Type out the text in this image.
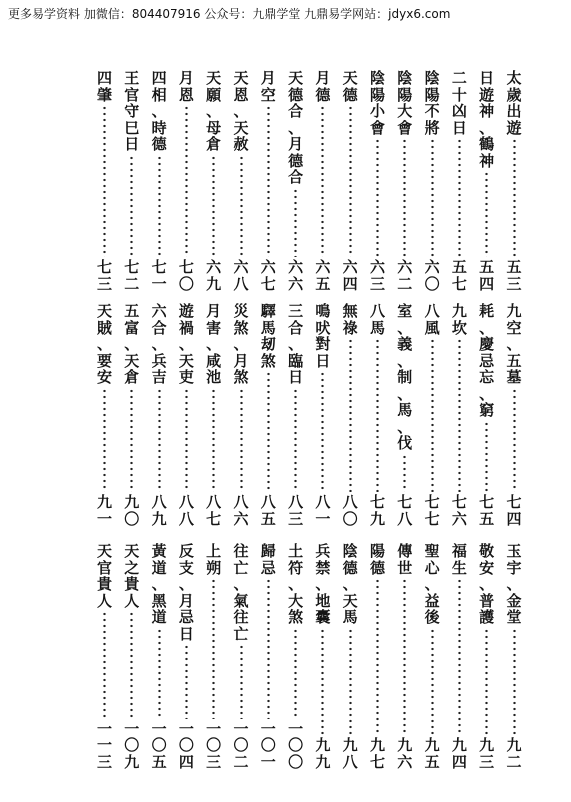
更多易学资料 加微信：804407916 公众号：九鼎学堂 九鼎易学网站：jdyx6.com
太
歲
出
遊
五
三
日
遊
神
、
鶴
神
五
四
二
十
凶
日
五
七
陰
陽
不
將
六
〇
陰
陽
大
會
六
二
陰
陽
小
會
六
三
天
德
六
四
月
德
六
五
天
德
合
、
月
德
合
六
六
月
空
六
七
天
恩
、
天
赦
六
八
天
願
、
母
倉
六
九
月
恩
七
〇
四
相
、
時
德
七
一
王
官
守
巳
日
七
二
四
肇
七
三
九
空
、
五
墓
七
四
耗
、
慶
忌
忘
、
窮
七
五
九
坎
七
六
八
風
七
七
室
、
義
、
制
、
馬
、
伐
七
八
八
馬
七
九
無
祿
八
〇
鳴
吠
對
日
八
一
三
合
、
臨
日
八
三
驛
馬
刼
煞
八
五
災
煞
、
月
煞
八
六
月
害
、
咸
池
八
七
遊
禍
、
天
吏
八
八
六
合
、
兵
吉
八
九
五
富
、
天
倉
九
〇
天
賊
、
要
安
九
一
玉
宇
、
金
堂
九
二
敬
安
、
普
護
九
三
福
生
九
四
聖
心
、
益
後
九
五
傳
世
九
六
陽
德
九
七
陰
德
、
天
馬
九
八
兵
禁
、
地
囊
九
九
土
符
、
大
煞
一
〇
〇
歸
忌
一
〇
一
往
亡
、
氣
往
亡
一
〇
二
上
朔
一
〇
三
反
支
、
月
忌
日
一
〇
四
黃
道
、
黑
道
一
〇
五
天
之
貴
人
一
〇
九
天
官
貴
人
一
一
三
